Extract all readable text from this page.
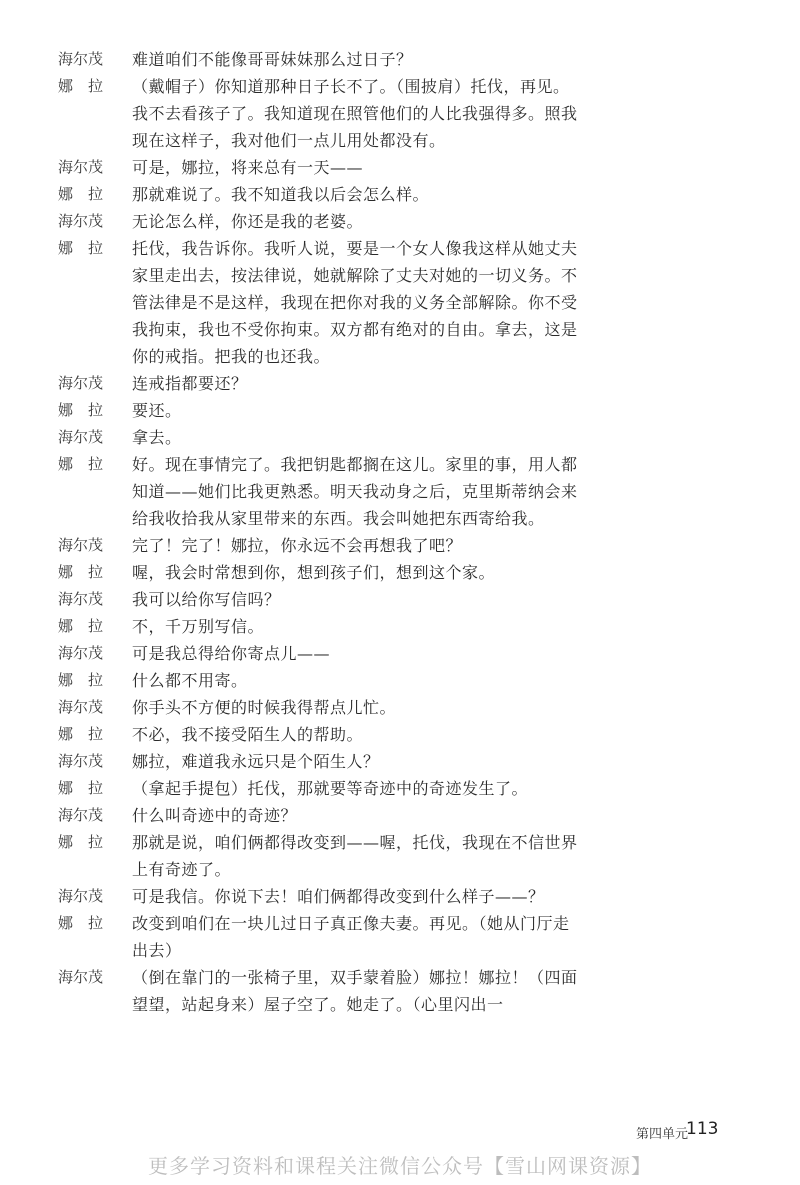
海尔茂	难道咱们不能像哥哥妹妹那么过日子？
娜　拉	（戴帽子）你知道那种日子长不了。（围披肩）托伐，再见。我不去看孩子了。我知道现在照管他们的人比我强得多。照我现在这样子，我对他们一点儿用处都没有。
海尔茂	可是，娜拉，将来总有一天——
娜　拉	那就难说了。我不知道我以后会怎么样。
海尔茂	无论怎么样，你还是我的老婆。
娜　拉	托伐，我告诉你。我听人说，要是一个女人像我这样从她丈夫家里走出去，按法律说，她就解除了丈夫对她的一切义务。不管法律是不是这样，我现在把你对我的义务全部解除。你不受我拘束，我也不受你拘束。双方都有绝对的自由。拿去，这是你的戒指。把我的也还我。
海尔茂	连戒指都要还？
娜　拉	要还。
海尔茂	拿去。
娜　拉	好。现在事情完了。我把钥匙都搁在这儿。家里的事，用人都知道——她们比我更熟悉。明天我动身之后，克里斯蒂纳会来给我收拾我从家里带来的东西。我会叫她把东西寄给我。
海尔茂	完了！完了！娜拉，你永远不会再想我了吧？
娜　拉	喔，我会时常想到你，想到孩子们，想到这个家。
海尔茂	我可以给你写信吗？
娜　拉	不，千万别写信。
海尔茂	可是我总得给你寄点儿——
娜　拉	什么都不用寄。
海尔茂	你手头不方便的时候我得帮点儿忙。
娜　拉	不必，我不接受陌生人的帮助。
海尔茂	娜拉，难道我永远只是个陌生人？
娜　拉	（拿起手提包）托伐，那就要等奇迹中的奇迹发生了。
海尔茂	什么叫奇迹中的奇迹？
娜　拉	那就是说，咱们俩都得改变到——喔，托伐，我现在不信世界上有奇迹了。
海尔茂	可是我信。你说下去！咱们俩都得改变到什么样子——？
娜　拉	改变到咱们在一块儿过日子真正像夫妻。再见。（她从门厅走出去）
海尔茂	（倒在靠门的一张椅子里，双手蒙着脸）娜拉！娜拉！（四面望望，站起身来）屋子空了。她走了。（心里闪出一
第四单元
113
更多学习资料和课程关注微信公众号【雪山网课资源】
